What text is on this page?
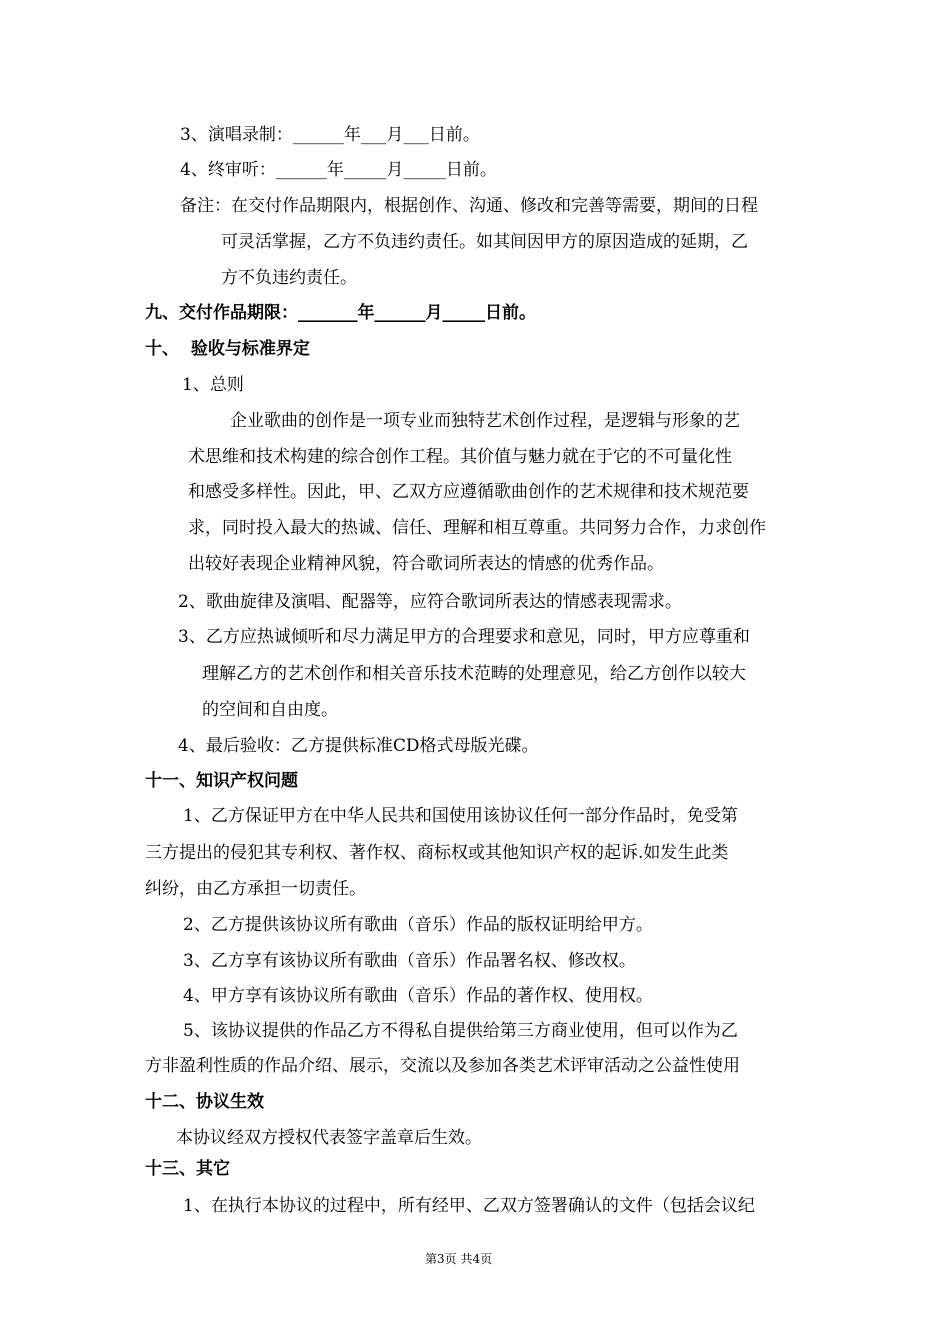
3、演唱录制：______年___月___日前。
4、终审听：______年_____月_____日前。
备注：在交付作品期限内，根据创作、沟通、修改和完善等需要，期间的日程
可灵活掌握，乙方不负违约责任。如其间因甲方的原因造成的延期，乙
方不负违约责任。
九、交付作品期限：_______年______月_____日前。
十、  验收与标准界定
1、总则
企业歌曲的创作是一项专业而独特艺术创作过程，是逻辑与形象的艺
术思维和技术构建的综合创作工程。其价值与魅力就在于它的不可量化性
和感受多样性。因此，甲、乙双方应遵循歌曲创作的艺术规律和技术规范要
求，同时投入最大的热诚、信任、理解和相互尊重。共同努力合作，力求创作
出较好表现企业精神风貌，符合歌词所表达的情感的优秀作品。
2、歌曲旋律及演唱、配器等，应符合歌词所表达的情感表现需求。
3、乙方应热诚倾听和尽力满足甲方的合理要求和意见，同时，甲方应尊重和
理解乙方的艺术创作和相关音乐技术范畴的处理意见，给乙方创作以较大
的空间和自由度。
4、最后验收：乙方提供标准CD格式母版光碟。
十一、知识产权问题
1、乙方保证甲方在中华人民共和国使用该协议任何一部分作品时，免受第
三方提出的侵犯其专利权、著作权、商标权或其他知识产权的起诉.如发生此类
纠纷，由乙方承担一切责任。
2、乙方提供该协议所有歌曲（音乐）作品的版权证明给甲方。
3、乙方享有该协议所有歌曲（音乐）作品署名权、修改权。
4、甲方享有该协议所有歌曲（音乐）作品的著作权、使用权。
5、该协议提供的作品乙方不得私自提供给第三方商业使用，但可以作为乙
方非盈利性质的作品介绍、展示，交流以及参加各类艺术评审活动之公益性使用
十二、协议生效
本协议经双方授权代表签字盖章后生效。
十三、其它
1、在执行本协议的过程中，所有经甲、乙双方签署确认的文件（包括会议纪
第3页 共4页
